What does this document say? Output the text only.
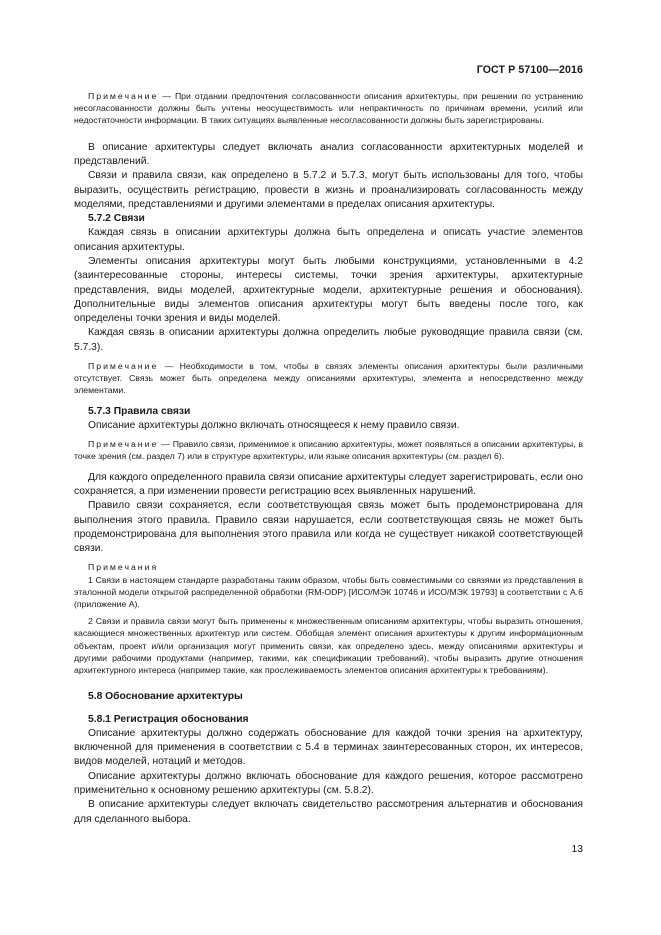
ГОСТ Р 57100—2016

Примечание — При отдании предпочтения согласованности описания архитектуры, при решении по устранению несогласованности должны быть учтены неосуществимость или непрактичность по причинам времени, усилий или недостаточности информации. В таких ситуациях выявленные несогласованности должны быть зарегистрированы.

В описание архитектуры следует включать анализ согласованности архитектурных моделей и представлений.

Связи и правила связи, как определено в 5.7.2 и 5.7.3, могут быть использованы для того, чтобы выразить, осуществить регистрацию, провести в жизнь и проанализировать согласованность между моделями, представлениями и другими элементами в пределах описания архитектуры.

5.7.2 Связи

Каждая связь в описании архитектуры должна быть определена и описать участие элементов описания архитектуры.

Элементы описания архитектуры могут быть любыми конструкциями, установленными в 4.2 (заинтересованные стороны, интересы системы, точки зрения архитектуры, архитектурные представления, виды моделей, архитектурные модели, архитектурные решения и обоснования). Дополнительные виды элементов описания архитектуры могут быть введены после того, как определены точки зрения и виды моделей.

Каждая связь в описании архитектуры должна определить любые руководящие правила связи (см. 5.7.3).

Примечание — Необходимости в том, чтобы в связях элементы описания архитектуры были различными отсутствует. Связь может быть определена между описаниями архитектуры, элемента и непосредственно между элементами.

5.7.3 Правила связи

Описание архитектуры должно включать относящееся к нему правило связи.

Примечание — Правило связи, применимое к описанию архитектуры, может появляться в описании архитектуры, в точке зрения (см. раздел 7) или в структуре архитектуры, или языке описания архитектуры (см. раздел 6).

Для каждого определенного правила связи описание архитектуры следует зарегистрировать, если оно сохраняется, а при изменении провести регистрацию всех выявленных нарушений.

Правило связи сохраняется, если соответствующая связь может быть продемонстрирована для выполнения этого правила. Правило связи нарушается, если соответствующая связь не может быть продемонстрирована для выполнения этого правила или когда не существует никакой соответствующей связи.

Примечания

1 Связи в настоящем стандарте разработаны таким образом, чтобы быть совместимыми со связями из представления в эталонной модели открытой распределенной обработки (RM-ODP) [ИСО/МЭК 10746 и ИСО/МЭК 19793] в соответствии с А.6 (приложение А).

2 Связи и правила связи могут быть применены к множественным описаниям архитектуры, чтобы выразить отношения, касающиеся множественных архитектур или систем. Обобщая элемент описания архитектуры к другим информационным объектам, проект и/или организация могут применить связи, как определено здесь, между описаниями архитектуры и другими рабочими продуктами (например, такими, как спецификации требований), чтобы выразить другие отношения архитектурного интереса (например такие, как прослеживаемость элементов описания архитектуры к требованиям).

5.8 Обоснование архитектуры

5.8.1 Регистрация обоснования

Описание архитектуры должно содержать обоснование для каждой точки зрения на архитектуру, включенной для применения в соответствии с 5.4 в терминах заинтересованных сторон, их интересов, видов моделей, нотаций и методов.

Описание архитектуры должно включать обоснование для каждого решения, которое рассмотрено применительно к основному решению архитектуры (см. 5.8.2).

В описание архитектуры следует включать свидетельство рассмотрения альтернатив и обоснования для сделанного выбора.

13
